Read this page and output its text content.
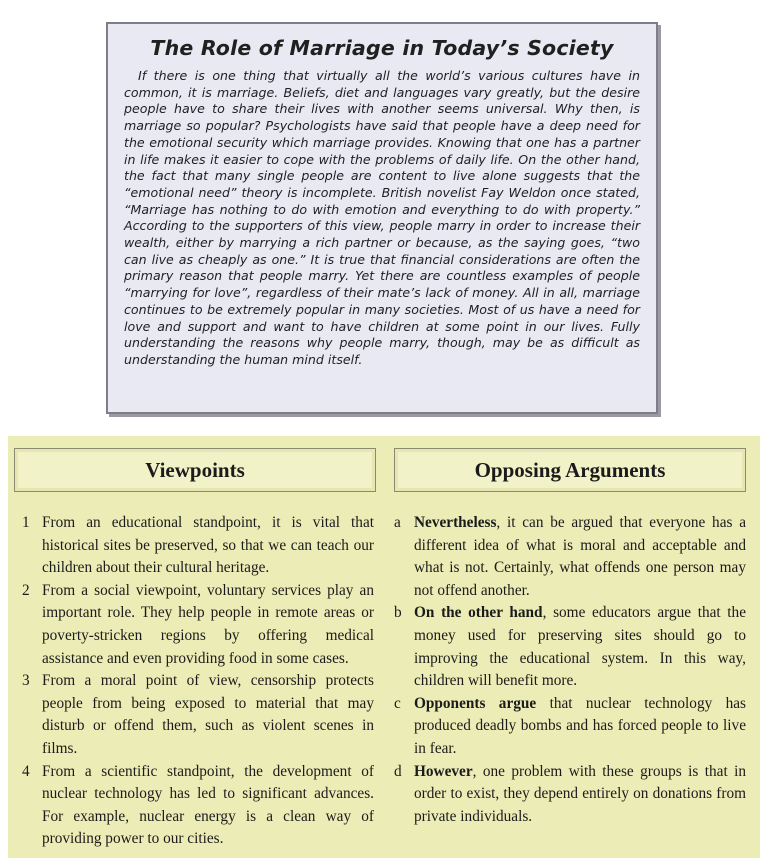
The Role of Marriage in Today’s Society

If there is one thing that virtually all the world’s various cultures have in common, it is marriage. Beliefs, diet and languages vary greatly, but the desire people have to share their lives with another seems universal. Why then, is marriage so popular? Psychologists have said that people have a deep need for the emotional security which marriage provides. Knowing that one has a partner in life makes it easier to cope with the problems of daily life. On the other hand, the fact that many single people are content to live alone suggests that the “emotional need” theory is incomplete. British novelist Fay Weldon once stated, “Marriage has nothing to do with emotion and everything to do with property.” According to the supporters of this view, people marry in order to increase their wealth, either by marrying a rich partner or because, as the saying goes, “two can live as cheaply as one.” It is true that financial considerations are often the primary reason that people marry. Yet there are countless examples of people “marrying for love”, regardless of their mate’s lack of money. All in all, marriage continues to be extremely popular in many societies. Most of us have a need for love and support and want to have children at some point in our lives. Fully understanding the reasons why people marry, though, may be as difficult as understanding the human mind itself.

Viewpoints	Opposing Arguments
1 From an educational standpoint, it is vital that historical sites be preserved, so that we can teach our children about their cultural heritage.
2 From a social viewpoint, voluntary services play an important role. They help people in remote areas or poverty-stricken regions by offering medical assistance and even providing food in some cases.
3 From a moral point of view, censorship protects people from being exposed to material that may disturb or offend them, such as violent scenes in films.
4 From a scientific standpoint, the development of nuclear technology has led to significant advances. For example, nuclear energy is a clean way of providing power to our cities.
a Nevertheless, it can be argued that everyone has a different idea of what is moral and acceptable and what is not. Certainly, what offends one person may not offend another.
b On the other hand, some educators argue that the money used for preserving sites should go to improving the educational system. In this way, children will benefit more.
c Opponents argue that nuclear technology has produced deadly bombs and has forced people to live in fear.
d However, one problem with these groups is that in order to exist, they depend entirely on donations from private individuals.
